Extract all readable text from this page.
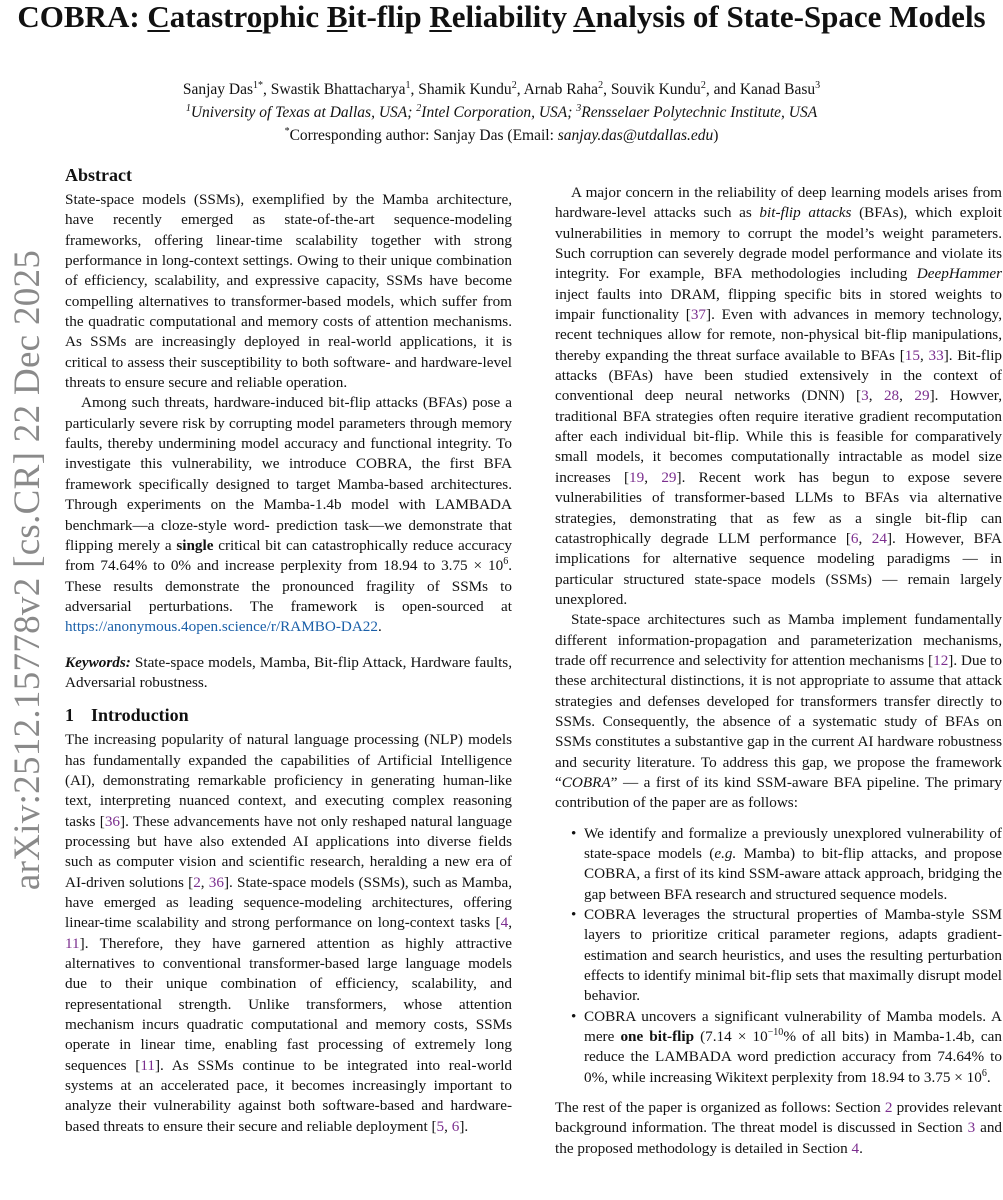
COBRA: Catastrophic Bit-flip Reliability Analysis of State-Space Models
Sanjay Das$^{1*}$, Swastik Bhattacharya$^1$, Shamik Kundu$^2$, Arnab Raha$^2$, Souvik Kundu$^2$, and Kanad Basu$^3$
$^1$University of Texas at Dallas, USA; $^2$Intel Corporation, USA; $^3$Rensselaer Polytechnic Institute, USA
*Corresponding author: Sanjay Das (Email: sanjay.das@utdallas.edu)
arXiv:2512.15778v2 [cs.CR] 22 Dec 2025
Abstract

State-space models (SSMs), exemplified by the Mamba architecture, have recently emerged as state-of-the-art sequence-modeling frameworks, offering linear-time scalability together with strong performance in long-context settings. Owing to their unique combination of efficiency, scalability, and expressive capacity, SSMs have become compelling alternatives to transformer-based models, which suffer from the quadratic computational and memory costs of attention mechanisms. As SSMs are increasingly deployed in real-world applications, it is critical to assess their susceptibility to both software- and hardware-level threats to ensure secure and reliable operation.

Among such threats, hardware-induced bit-flip attacks (BFAs) pose a particularly severe risk by corrupting model parameters through memory faults, thereby undermining model accuracy and functional integrity. To investigate this vulnerability, we introduce COBRA, the first BFA framework specifically designed to target Mamba-based architectures. Through experiments on the Mamba-1.4b model with LAMBADA benchmark—a cloze-style word- prediction task—we demonstrate that flipping merely a single critical bit can catastrophically reduce accuracy from 74.64% to 0% and increase perplexity from 18.94 to $3.75 \times 10^6$. These results demonstrate the pronounced fragility of SSMs to adversarial perturbations. The framework is open-sourced at https://anonymous.4open.science/r/RAMBO-DA22.

Keywords: State-space models, Mamba, Bit-flip Attack, Hardware faults, Adversarial robustness.

1 Introduction

The increasing popularity of natural language processing (NLP) models has fundamentally expanded the capabilities of Artificial Intelligence (AI), demonstrating remarkable proficiency in generating human-like text, interpreting nuanced context, and executing complex reasoning tasks [36]. These advancements have not only reshaped natural language processing but have also extended AI applications into diverse fields such as computer vision and scientific research, heralding a new era of AI-driven solutions [2, 36]. State-space models (SSMs), such as Mamba, have emerged as leading sequence-modeling architectures, offering linear-time scalability and strong performance on long-context tasks [4, 11]. Therefore, they have garnered attention as highly attractive alternatives to conventional transformer-based large language models due to their unique combination of efficiency, scalability, and representational strength. Unlike transformers, whose attention mechanism incurs quadratic computational and memory costs, SSMs operate in linear time, enabling fast processing of extremely long sequences [11]. As SSMs continue to be integrated into real-world systems at an accelerated pace, it becomes increasingly important to analyze their vulnerability against both software-based and hardware-based threats to ensure their secure and reliable deployment [5, 6].

A major concern in the reliability of deep learning models arises from hardware-level attacks such as bit-flip attacks (BFAs), which exploit vulnerabilities in memory to corrupt the model’s weight parameters. Such corruption can severely degrade model performance and violate its integrity. For example, BFA methodologies including DeepHammer inject faults into DRAM, flipping specific bits in stored weights to impair functionality [37]. Even with advances in memory technology, recent techniques allow for remote, non-physical bit-flip manipulations, thereby expanding the threat surface available to BFAs [15, 33]. Bit-flip attacks (BFAs) have been studied extensively in the context of conventional deep neural networks (DNN) [3, 28, 29]. Howver, traditional BFA strategies often require iterative gradient recomputation after each individual bit-flip. While this is feasible for comparatively small models, it becomes computationally intractable as model size increases [19, 29]. Recent work has begun to expose severe vulnerabilities of transformer-based LLMs to BFAs via alternative strategies, demonstrating that as few as a single bit-flip can catastrophically degrade LLM performance [6, 24]. However, BFA implications for alternative sequence modeling paradigms — in particular structured state-space models (SSMs) — remain largely unexplored.

State-space architectures such as Mamba implement fundamentally different information-propagation and parameterization mechanisms, trade off recurrence and selectivity for attention mechanisms [12]. Due to these architectural distinctions, it is not appropriate to assume that attack strategies and defenses developed for transformers transfer directly to SSMs. Consequently, the absence of a systematic study of BFAs on SSMs constitutes a substantive gap in the current AI hardware robustness and security literature. To address this gap, we propose the framework “COBRA” — a first of its kind SSM-aware BFA pipeline. The primary contribution of the paper are as follows:

• We identify and formalize a previously unexplored vulnerability of state-space models (e.g. Mamba) to bit-flip attacks, and propose COBRA, a first of its kind SSM-aware attack approach, bridging the gap between BFA research and structured sequence models.
• COBRA leverages the structural properties of Mamba-style SSM layers to prioritize critical parameter regions, adapts gradient-estimation and search heuristics, and uses the resulting perturbation effects to identify minimal bit-flip sets that maximally disrupt model behavior.
• COBRA uncovers a significant vulnerability of Mamba models. A mere one bit-flip ($7.14 \times 10^{-10}\%$ of all bits) in Mamba-1.4b, can reduce the LAMBADA word prediction accuracy from 74.64% to 0%, while increasing Wikitext perplexity from 18.94 to $3.75 \times 10^6$.

The rest of the paper is organized as follows: Section 2 provides relevant background information. The threat model is discussed in Section 3 and the proposed methodology is detailed in Section 4.
